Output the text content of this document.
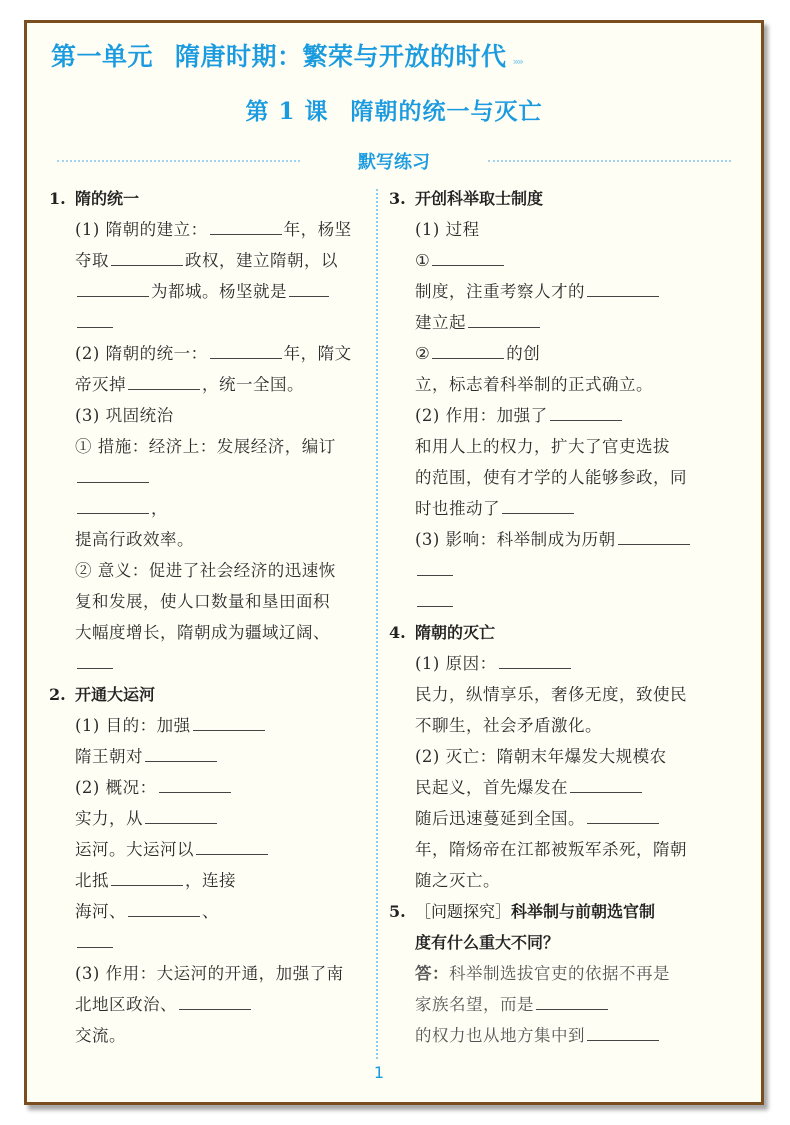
第一单元 隋唐时期：繁荣与开放的时代 »»
第 1 课 隋朝的统一与灭亡
默写练习
1. 隋的统一
(1) 隋朝的建立：	年，杨坚
夺取	政权，建立隋朝，以
为都城。杨坚就是
(2) 隋朝的统一：	年，隋文
帝灭掉	，统一全国。
(3) 巩固统治
① 措施：经济上：发展经济，编订
，
提高行政效率。
② 意义：促进了社会经济的迅速恢
复和发展，使人口数量和垦田面积
大幅度增长，隋朝成为疆域辽阔、
2. 开通大运河
(1) 目的：加强
隋王朝对
(2) 概况：
实力，从
运河。大运河以
北抵	，连接
海河、	、
(3) 作用：大运河的开通，加强了南
北地区政治、
交流。
3. 开创科举取士制度
(1) 过程
①
制度，注重考察人才的
建立起
②	的创
立，标志着科举制的正式确立。
(2) 作用：加强了
和用人上的权力，扩大了官吏选拔
的范围，使有才学的人能够参政，同
时也推动了
(3) 影响：科举制成为历朝
4. 隋朝的灭亡
(1) 原因：
民力，纵情享乐，奢侈无度，致使民
不聊生，社会矛盾激化。
(2) 灭亡：隋朝末年爆发大规模农
民起义，首先爆发在
随后迅速蔓延到全国。
年，隋炀帝在江都被叛军杀死，隋朝
随之灭亡。
5. ［问题探究］科举制与前朝选官制
度有什么重大不同？
答：科举制选拔官吏的依据不再是
家族名望，而是
的权力也从地方集中到
1
